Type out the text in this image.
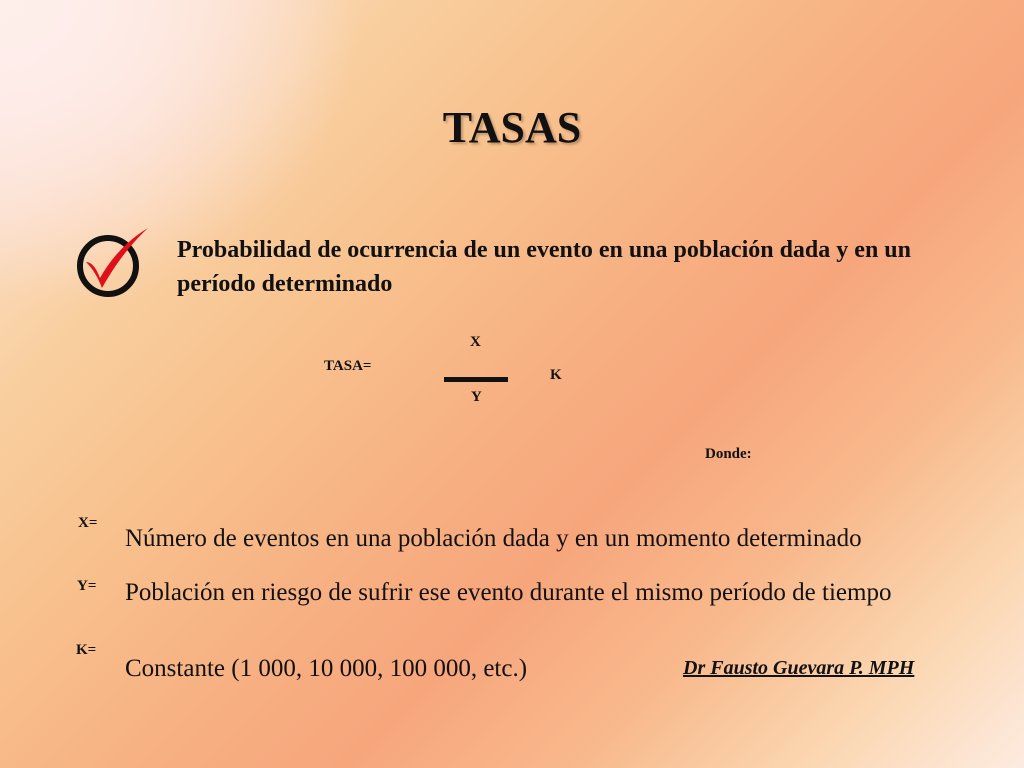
TASAS
Probabilidad de ocurrencia de un evento en una población dada y en un período determinado
TASA=
X
Y
K
Donde:
X=
Número de eventos en una población dada y en un momento determinado
Y= Población en riesgo de sufrir ese evento durante el mismo período de tiempo
K=
Constante (1 000, 10 000, 100 000, etc.)	Dr Fausto Guevara P. MPH
